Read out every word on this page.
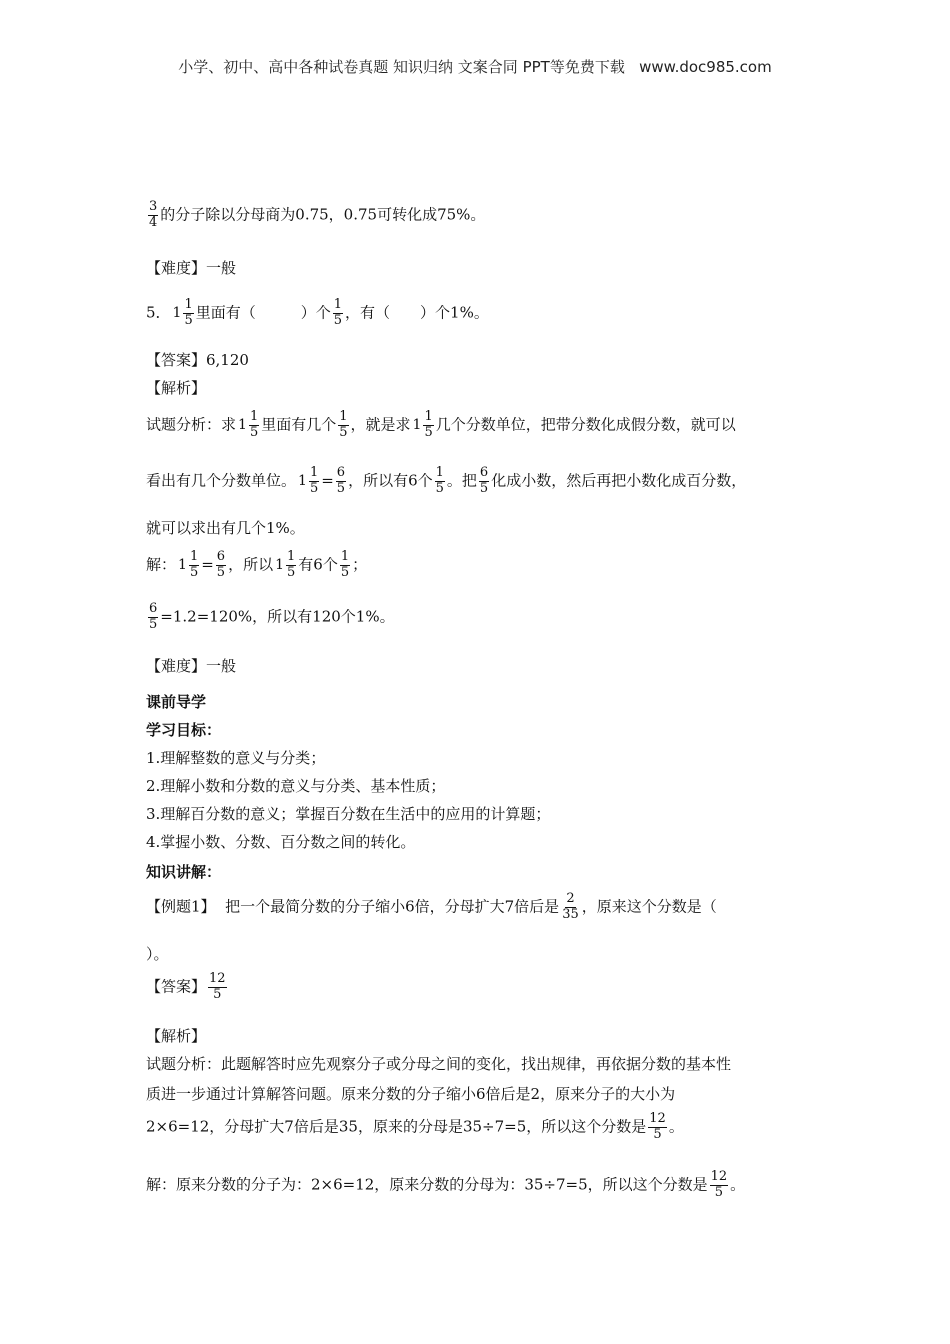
小学、初中、高中各种试卷真题 知识归纳 文案合同 PPT等免费下载 www.doc985.com
$\frac{3}{4}$ 的分子除以分母商为0.75，0.75可转化成75%。
【难度】一般
5． $1 \frac{1}{5}$ 里面有（　　　）个 $\frac{1}{5}$ ，有（　　）个1%。
【答案】6,120
【解析】
试题分析：求 $1 \frac{1}{5}$ 里面有几个 $\frac{1}{5}$ ，就是求 $1 \frac{1}{5}$ 几个分数单位，把带分数化成假分数，就可以
看出有几个分数单位。 $1 \frac{1}{5} = \frac{6}{5}$ ，所以有6个 $\frac{1}{5}$ 。把 $\frac{6}{5}$ 化成小数，然后再把小数化成百分数，
就可以求出有几个1%。
解： $1 \frac{1}{5} = \frac{6}{5}$ ，所以 $1 \frac{1}{5}$ 有6个 $\frac{1}{5}$ ；
$\frac{6}{5} =1.2=120\%$，所以有120个1%。
【难度】一般
课前导学
学习目标：
1.理解整数的意义与分类；
2.理解小数和分数的意义与分类、基本性质；
3.理解百分数的意义；掌握百分数在生活中的应用的计算题；
4.掌握小数、分数、百分数之间的转化。
知识讲解：
【例题1】 把一个最简分数的分子缩小6倍，分母扩大7倍后是 $\frac{2}{35}$ ，原来这个分数是（
）。
【答案】 $\frac{12}{5}$
【解析】
试题分析：此题解答时应先观察分子或分母之间的变化，找出规律，再依据分数的基本性
质进一步通过计算解答问题。原来分数的分子缩小6倍后是2，原来分子的大小为
2×6=12，分母扩大7倍后是35，原来的分母是35÷7=5，所以这个分数是 $\frac{12}{5}$ 。
解：原来分数的分子为：2×6=12，原来分数的分母为：35÷7=5，所以这个分数是 $\frac{12}{5}$ 。
